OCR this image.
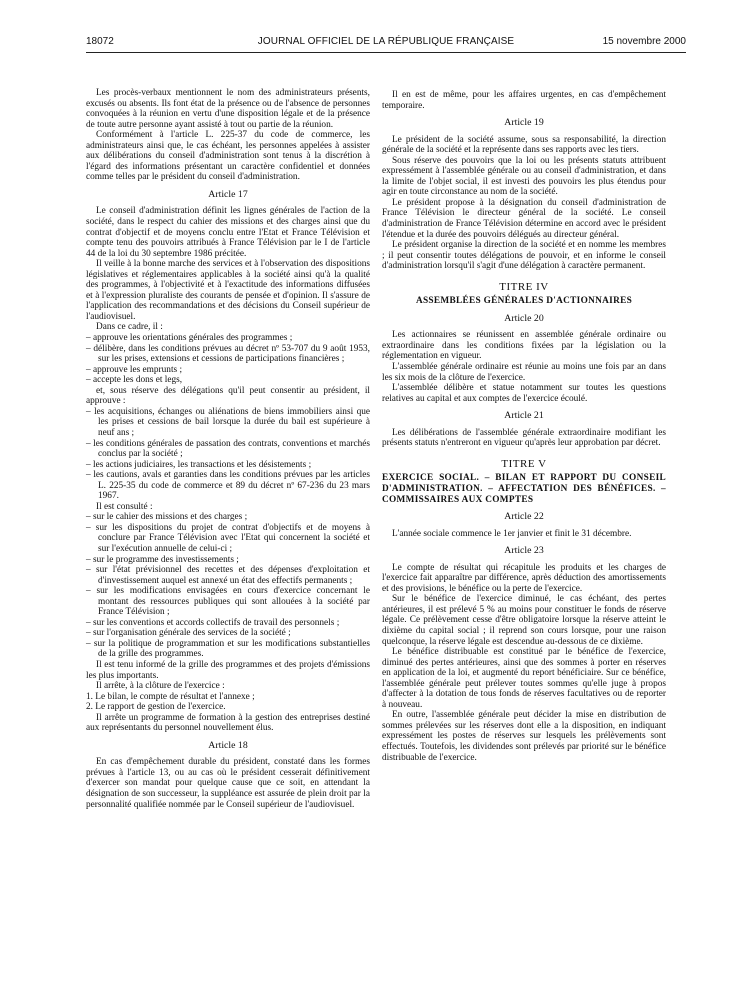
18072	JOURNAL OFFICIEL DE LA RÉPUBLIQUE FRANÇAISE	15 novembre 2000

Les procès-verbaux mentionnent le nom des administrateurs présents, excusés ou absents. Ils font état de la présence ou de l'absence de personnes convoquées à la réunion en vertu d'une disposition légale et de la présence de toute autre personne ayant assisté à tout ou partie de la réunion.

Conformément à l'article L. 225-37 du code de commerce, les administrateurs ainsi que, le cas échéant, les personnes appelées à assister aux délibérations du conseil d'administration sont tenus à la discrétion à l'égard des informations présentant un caractère confidentiel et données comme telles par le président du conseil d'administration.

Article 17

Le conseil d'administration définit les lignes générales de l'action de la société, dans le respect du cahier des missions et des charges ainsi que du contrat d'objectif et de moyens conclu entre l'Etat et France Télévision et compte tenu des pouvoirs attribués à France Télévision par le I de l'article 44 de la loi du 30 septembre 1986 précitée.

Il veille à la bonne marche des services et à l'observation des dispositions législatives et réglementaires applicables à la société ainsi qu'à la qualité des programmes, à l'objectivité et à l'exactitude des informations diffusées et à l'expression pluraliste des courants de pensée et d'opinion. Il s'assure de l'application des recommandations et des décisions du Conseil supérieur de l'audiovisuel.

Dans ce cadre, il :

– approuve les orientations générales des programmes ;
– délibère, dans les conditions prévues au décret nº 53-707 du 9 août 1953, sur les prises, extensions et cessions de participations financières ;
– approuve les emprunts ;
– accepte les dons et legs,

et, sous réserve des délégations qu'il peut consentir au président, il approuve :

– les acquisitions, échanges ou aliénations de biens immobiliers ainsi que les prises et cessions de bail lorsque la durée du bail est supérieure à neuf ans ;
– les conditions générales de passation des contrats, conventions et marchés conclus par la société ;
– les actions judiciaires, les transactions et les désistements ;
– les cautions, avals et garanties dans les conditions prévues par les articles L. 225-35 du code de commerce et 89 du décret nº 67-236 du 23 mars 1967.

Il est consulté :

– sur le cahier des missions et des charges ;
– sur les dispositions du projet de contrat d'objectifs et de moyens à conclure par France Télévision avec l'Etat qui concernent la société et sur l'exécution annuelle de celui-ci ;
– sur le programme des investissements ;
– sur l'état prévisionnel des recettes et des dépenses d'exploitation et d'investissement auquel est annexé un état des effectifs permanents ;
– sur les modifications envisagées en cours d'exercice concernant le montant des ressources publiques qui sont allouées à la société par France Télévision ;
– sur les conventions et accords collectifs de travail des personnels ;
– sur l'organisation générale des services de la société ;
– sur la politique de programmation et sur les modifications substantielles de la grille des programmes.

Il est tenu informé de la grille des programmes et des projets d'émissions les plus importants.

Il arrête, à la clôture de l'exercice :

1. Le bilan, le compte de résultat et l'annexe ;
2. Le rapport de gestion de l'exercice.

Il arrête un programme de formation à la gestion des entreprises destiné aux représentants du personnel nouvellement élus.

Article 18

En cas d'empêchement durable du président, constaté dans les formes prévues à l'article 13, ou au cas où le président cesserait définitivement d'exercer son mandat pour quelque cause que ce soit, en attendant la désignation de son successeur, la suppléance est assurée de plein droit par la personnalité qualifiée nommée par le Conseil supérieur de l'audiovisuel.

Il en est de même, pour les affaires urgentes, en cas d'empêchement temporaire.

Article 19

Le président de la société assume, sous sa responsabilité, la direction générale de la société et la représente dans ses rapports avec les tiers.

Sous réserve des pouvoirs que la loi ou les présents statuts attribuent expressément à l'assemblée générale ou au conseil d'administration, et dans la limite de l'objet social, il est investi des pouvoirs les plus étendus pour agir en toute circonstance au nom de la société.

Le président propose à la désignation du conseil d'administration de France Télévision le directeur général de la société. Le conseil d'administration de France Télévision détermine en accord avec le président l'étendue et la durée des pouvoirs délégués au directeur général.

Le président organise la direction de la société et en nomme les membres ; il peut consentir toutes délégations de pouvoir, et en informe le conseil d'administration lorsqu'il s'agit d'une délégation à caractère permanent.

TITRE IV
ASSEMBLÉES GÉNÉRALES D'ACTIONNAIRES
Article 20

Les actionnaires se réunissent en assemblée générale ordinaire ou extraordinaire dans les conditions fixées par la législation ou la réglementation en vigueur.

L'assemblée générale ordinaire est réunie au moins une fois par an dans les six mois de la clôture de l'exercice.

L'assemblée délibère et statue notamment sur toutes les questions relatives au capital et aux comptes de l'exercice écoulé.

Article 21

Les délibérations de l'assemblée générale extraordinaire modifiant les présents statuts n'entreront en vigueur qu'après leur approbation par décret.

TITRE V
EXERCICE SOCIAL. – BILAN ET RAPPORT DU CONSEIL D'ADMINISTRATION. – AFFECTATION DES BÉNÉFICES. – COMMISSAIRES AUX COMPTES
Article 22

L'année sociale commence le 1er janvier et finit le 31 décembre.

Article 23

Le compte de résultat qui récapitule les produits et les charges de l'exercice fait apparaître par différence, après déduction des amortissements et des provisions, le bénéfice ou la perte de l'exercice.

Sur le bénéfice de l'exercice diminué, le cas échéant, des pertes antérieures, il est prélevé 5 % au moins pour constituer le fonds de réserve légale. Ce prélèvement cesse d'être obligatoire lorsque la réserve atteint le dixième du capital social ; il reprend son cours lorsque, pour une raison quelconque, la réserve légale est descendue au-dessous de ce dixième.

Le bénéfice distribuable est constitué par le bénéfice de l'exercice, diminué des pertes antérieures, ainsi que des sommes à porter en réserves en application de la loi, et augmenté du report bénéficiaire. Sur ce bénéfice, l'assemblée générale peut prélever toutes sommes qu'elle juge à propos d'affecter à la dotation de tous fonds de réserves facultatives ou de reporter à nouveau.

En outre, l'assemblée générale peut décider la mise en distribution de sommes prélevées sur les réserves dont elle a la disposition, en indiquant expressément les postes de réserves sur lesquels les prélèvements sont effectués. Toutefois, les dividendes sont prélevés par priorité sur le bénéfice distribuable de l'exercice.
